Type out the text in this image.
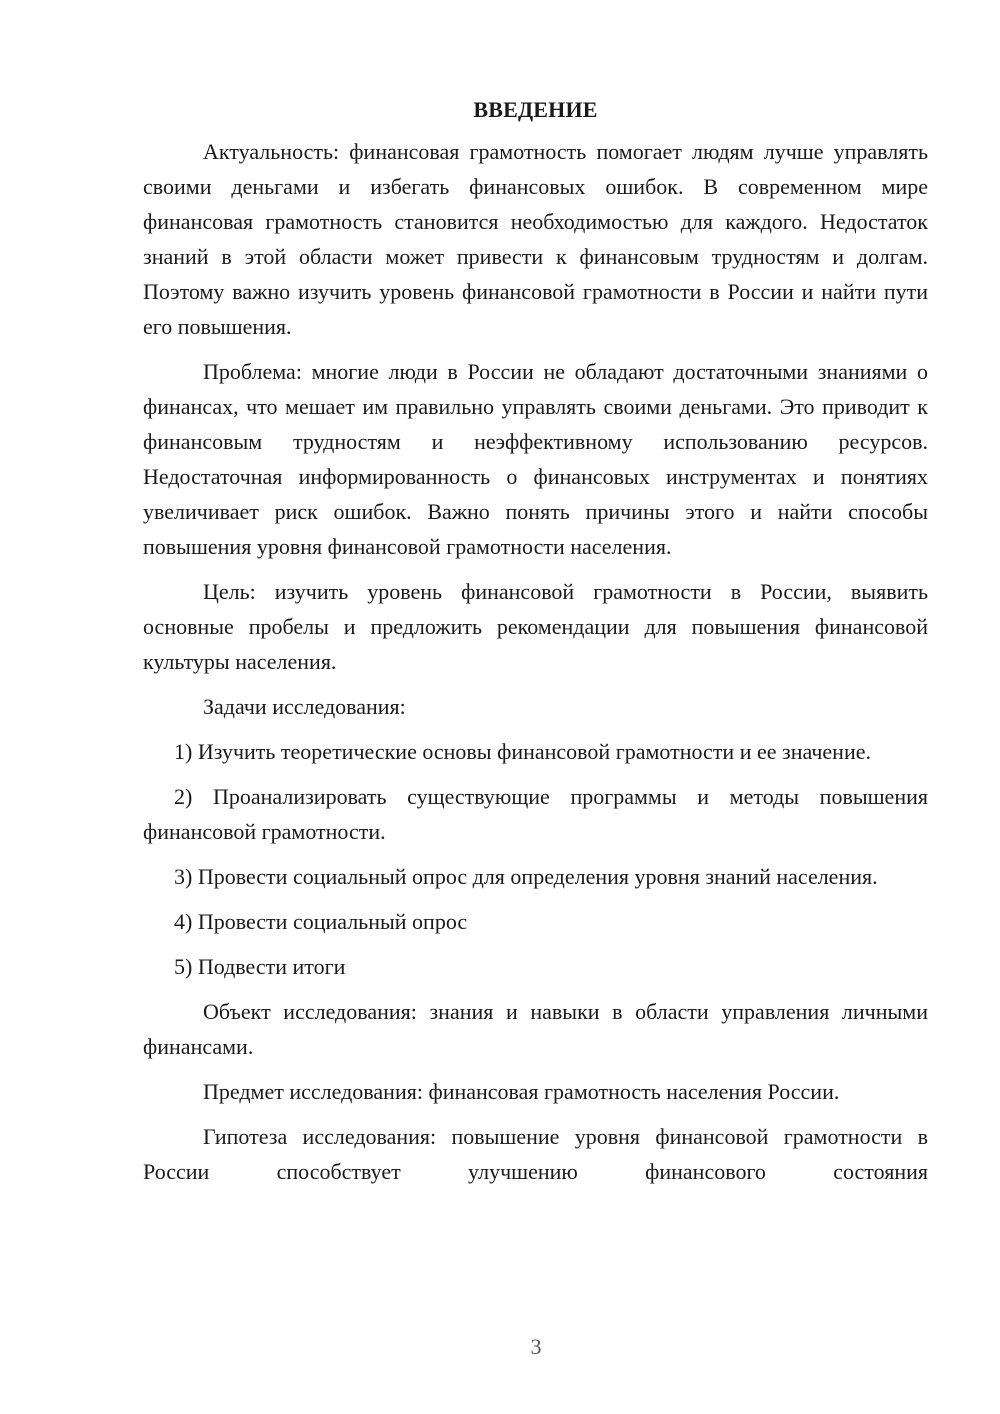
ВВЕДЕНИЕ

Актуальность: финансовая грамотность помогает людям лучше управлять своими деньгами и избегать финансовых ошибок. В современном мире финансовая грамотность становится необходимостью для каждого. Недостаток знаний в этой области может привести к финансовым трудностям и долгам. Поэтому важно изучить уровень финансовой грамотности в России и найти пути его повышения.

Проблема: многие люди в России не обладают достаточными знаниями о финансах, что мешает им правильно управлять своими деньгами. Это приводит к финансовым трудностям и неэффективному использованию ресурсов. Недостаточная информированность о финансовых инструментах и понятиях увеличивает риск ошибок. Важно понять причины этого и найти способы повышения уровня финансовой грамотности населения.

Цель: изучить уровень финансовой грамотности в России, выявить основные пробелы и предложить рекомендации для повышения финансовой культуры населения.

Задачи исследования:

1) Изучить теоретические основы финансовой грамотности и ее значение.

2) Проанализировать существующие программы и методы повышения финансовой грамотности.

3) Провести социальный опрос для определения уровня знаний населения.

4) Провести социальный опрос

5) Подвести итоги

Объект исследования: знания и навыки в области управления личными финансами.

Предмет исследования: финансовая грамотность населения России.

Гипотеза исследования: повышение уровня финансовой грамотности в России способствует улучшению финансового состояния

3
